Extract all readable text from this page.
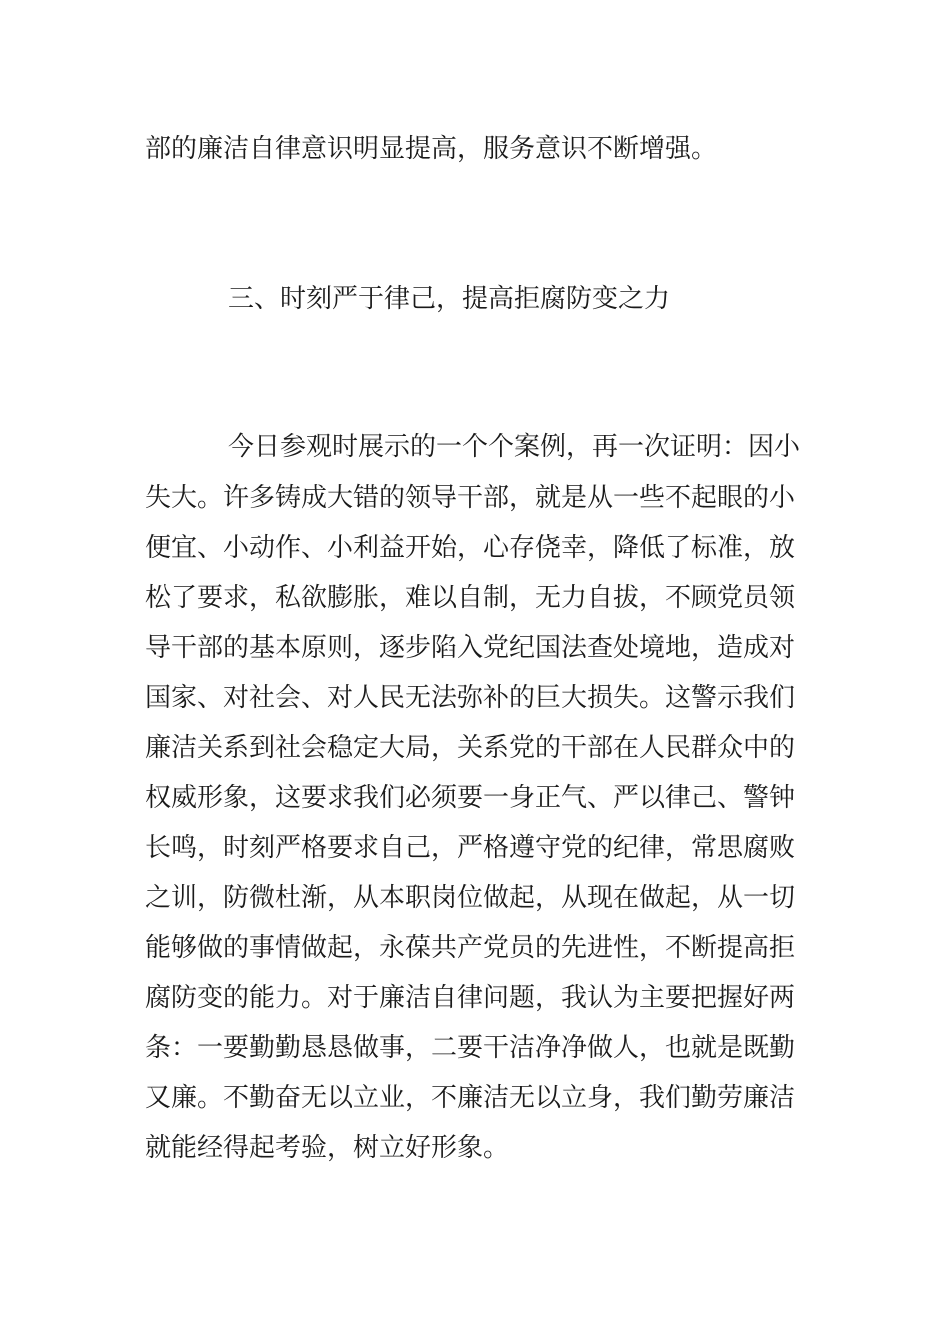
部的廉洁自律意识明显提高，服务意识不断增强。
三、时刻严于律己，提高拒腐防变之力
今日参观时展示的一个个案例，再一次证明：因小
失大。许多铸成大错的领导干部，就是从一些不起眼的小
便宜、小动作、小利益开始，心存侥幸，降低了标准，放
松了要求，私欲膨胀，难以自制，无力自拔，不顾党员领
导干部的基本原则，逐步陷入党纪国法查处境地，造成对
国家、对社会、对人民无法弥补的巨大损失。这警示我们
廉洁关系到社会稳定大局，关系党的干部在人民群众中的
权威形象，这要求我们必须要一身正气、严以律己、警钟
长鸣，时刻严格要求自己，严格遵守党的纪律，常思腐败
之训，防微杜渐，从本职岗位做起，从现在做起，从一切
能够做的事情做起，永葆共产党员的先进性，不断提高拒
腐防变的能力。对于廉洁自律问题，我认为主要把握好两
条：一要勤勤恳恳做事，二要干洁净净做人，也就是既勤
又廉。不勤奋无以立业，不廉洁无以立身，我们勤劳廉洁
就能经得起考验，树立好形象。
